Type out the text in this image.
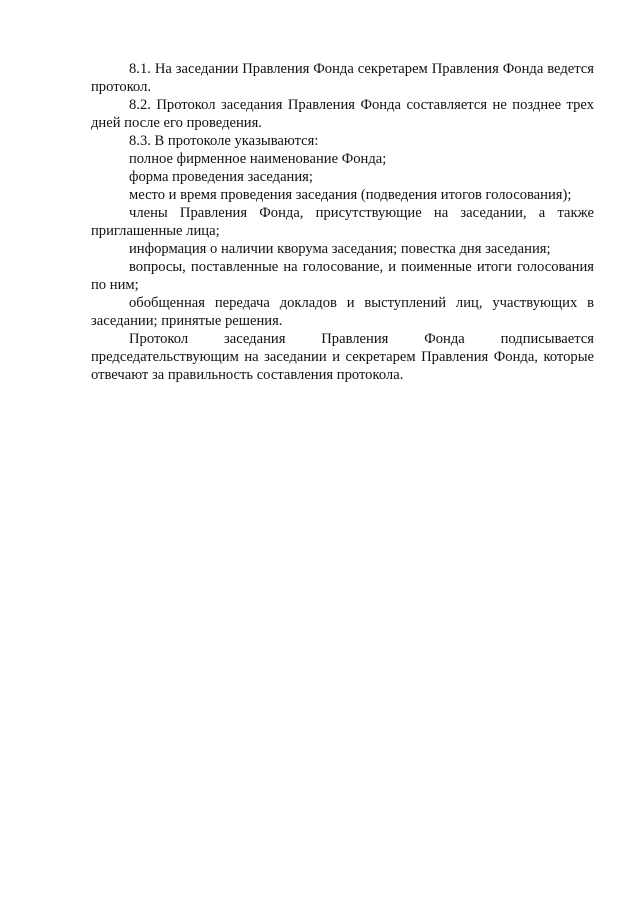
8.1. На заседании Правления Фонда секретарем Правления Фонда ведется протокол.

8.2. Протокол заседания Правления Фонда составляется не позднее трех дней после его проведения.

8.3. В протоколе указываются:

полное фирменное наименование Фонда;

форма проведения заседания;

место и время проведения заседания (подведения итогов голосования);

члены Правления Фонда, присутствующие на заседании, а также приглашенные лица;

информация о наличии кворума заседания; повестка дня заседания;

вопросы, поставленные на голосование, и поименные итоги голосования по ним;

обобщенная передача докладов и выступлений лиц, участвующих в заседании; принятые решения.

Протокол заседания Правления Фонда подписывается председательствующим на заседании и секретарем Правления Фонда, которые отвечают за правильность составления протокола.
